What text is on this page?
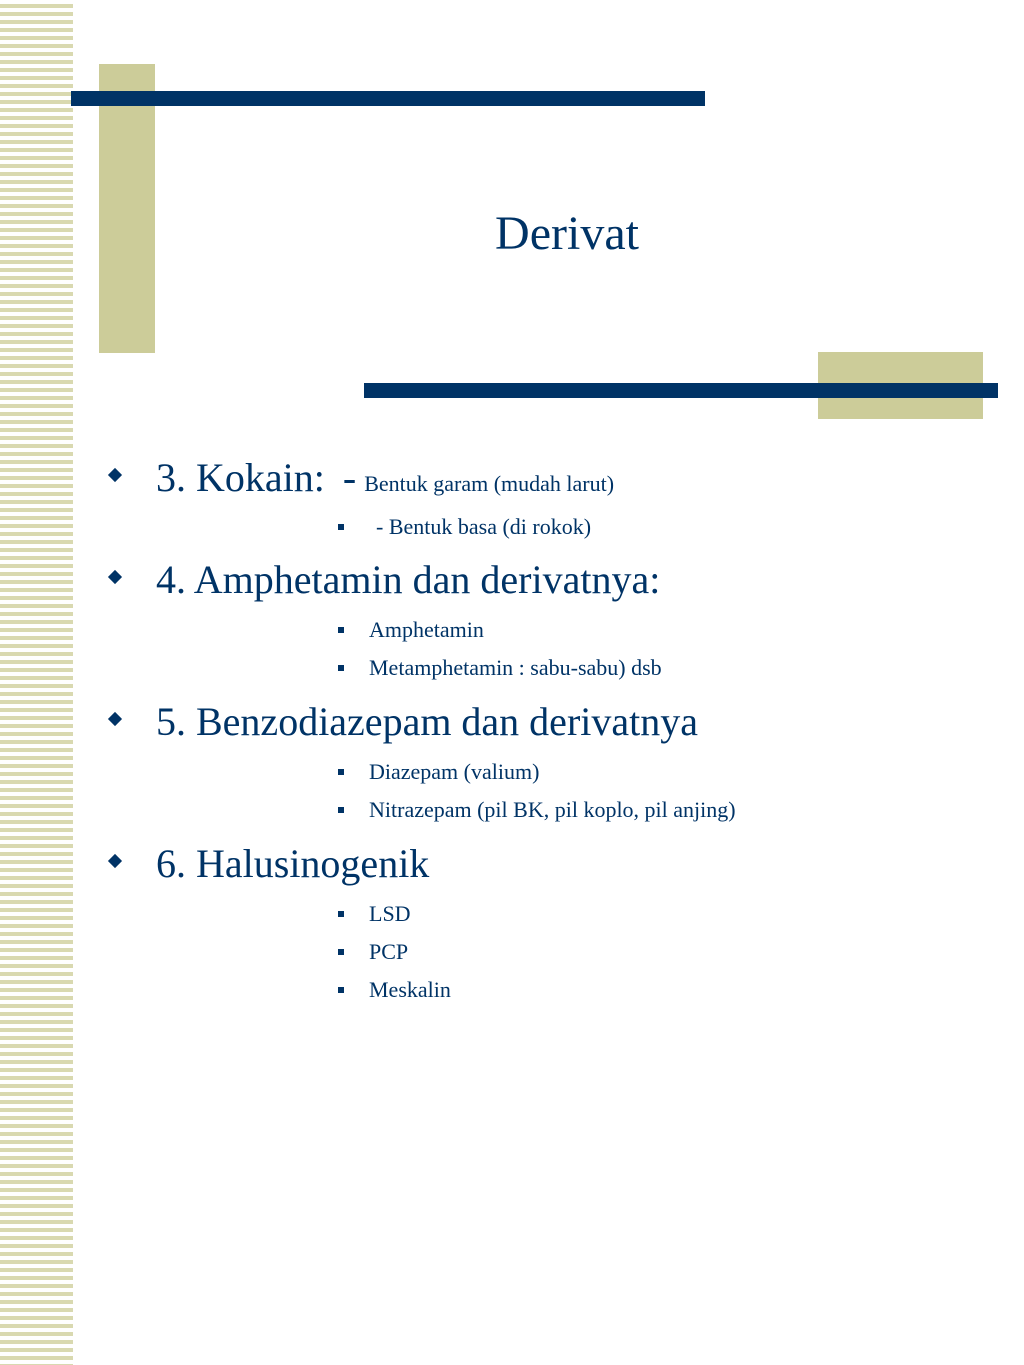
Derivat
3. Kokain: - Bentuk garam (mudah larut)
- Bentuk basa (di rokok)
4. Amphetamin dan derivatnya:
Amphetamin
Metamphetamin : sabu-sabu) dsb
5. Benzodiazepam dan derivatnya
Diazepam (valium)
Nitrazepam (pil BK, pil koplo, pil anjing)
6. Halusinogenik
LSD
PCP
Meskalin
